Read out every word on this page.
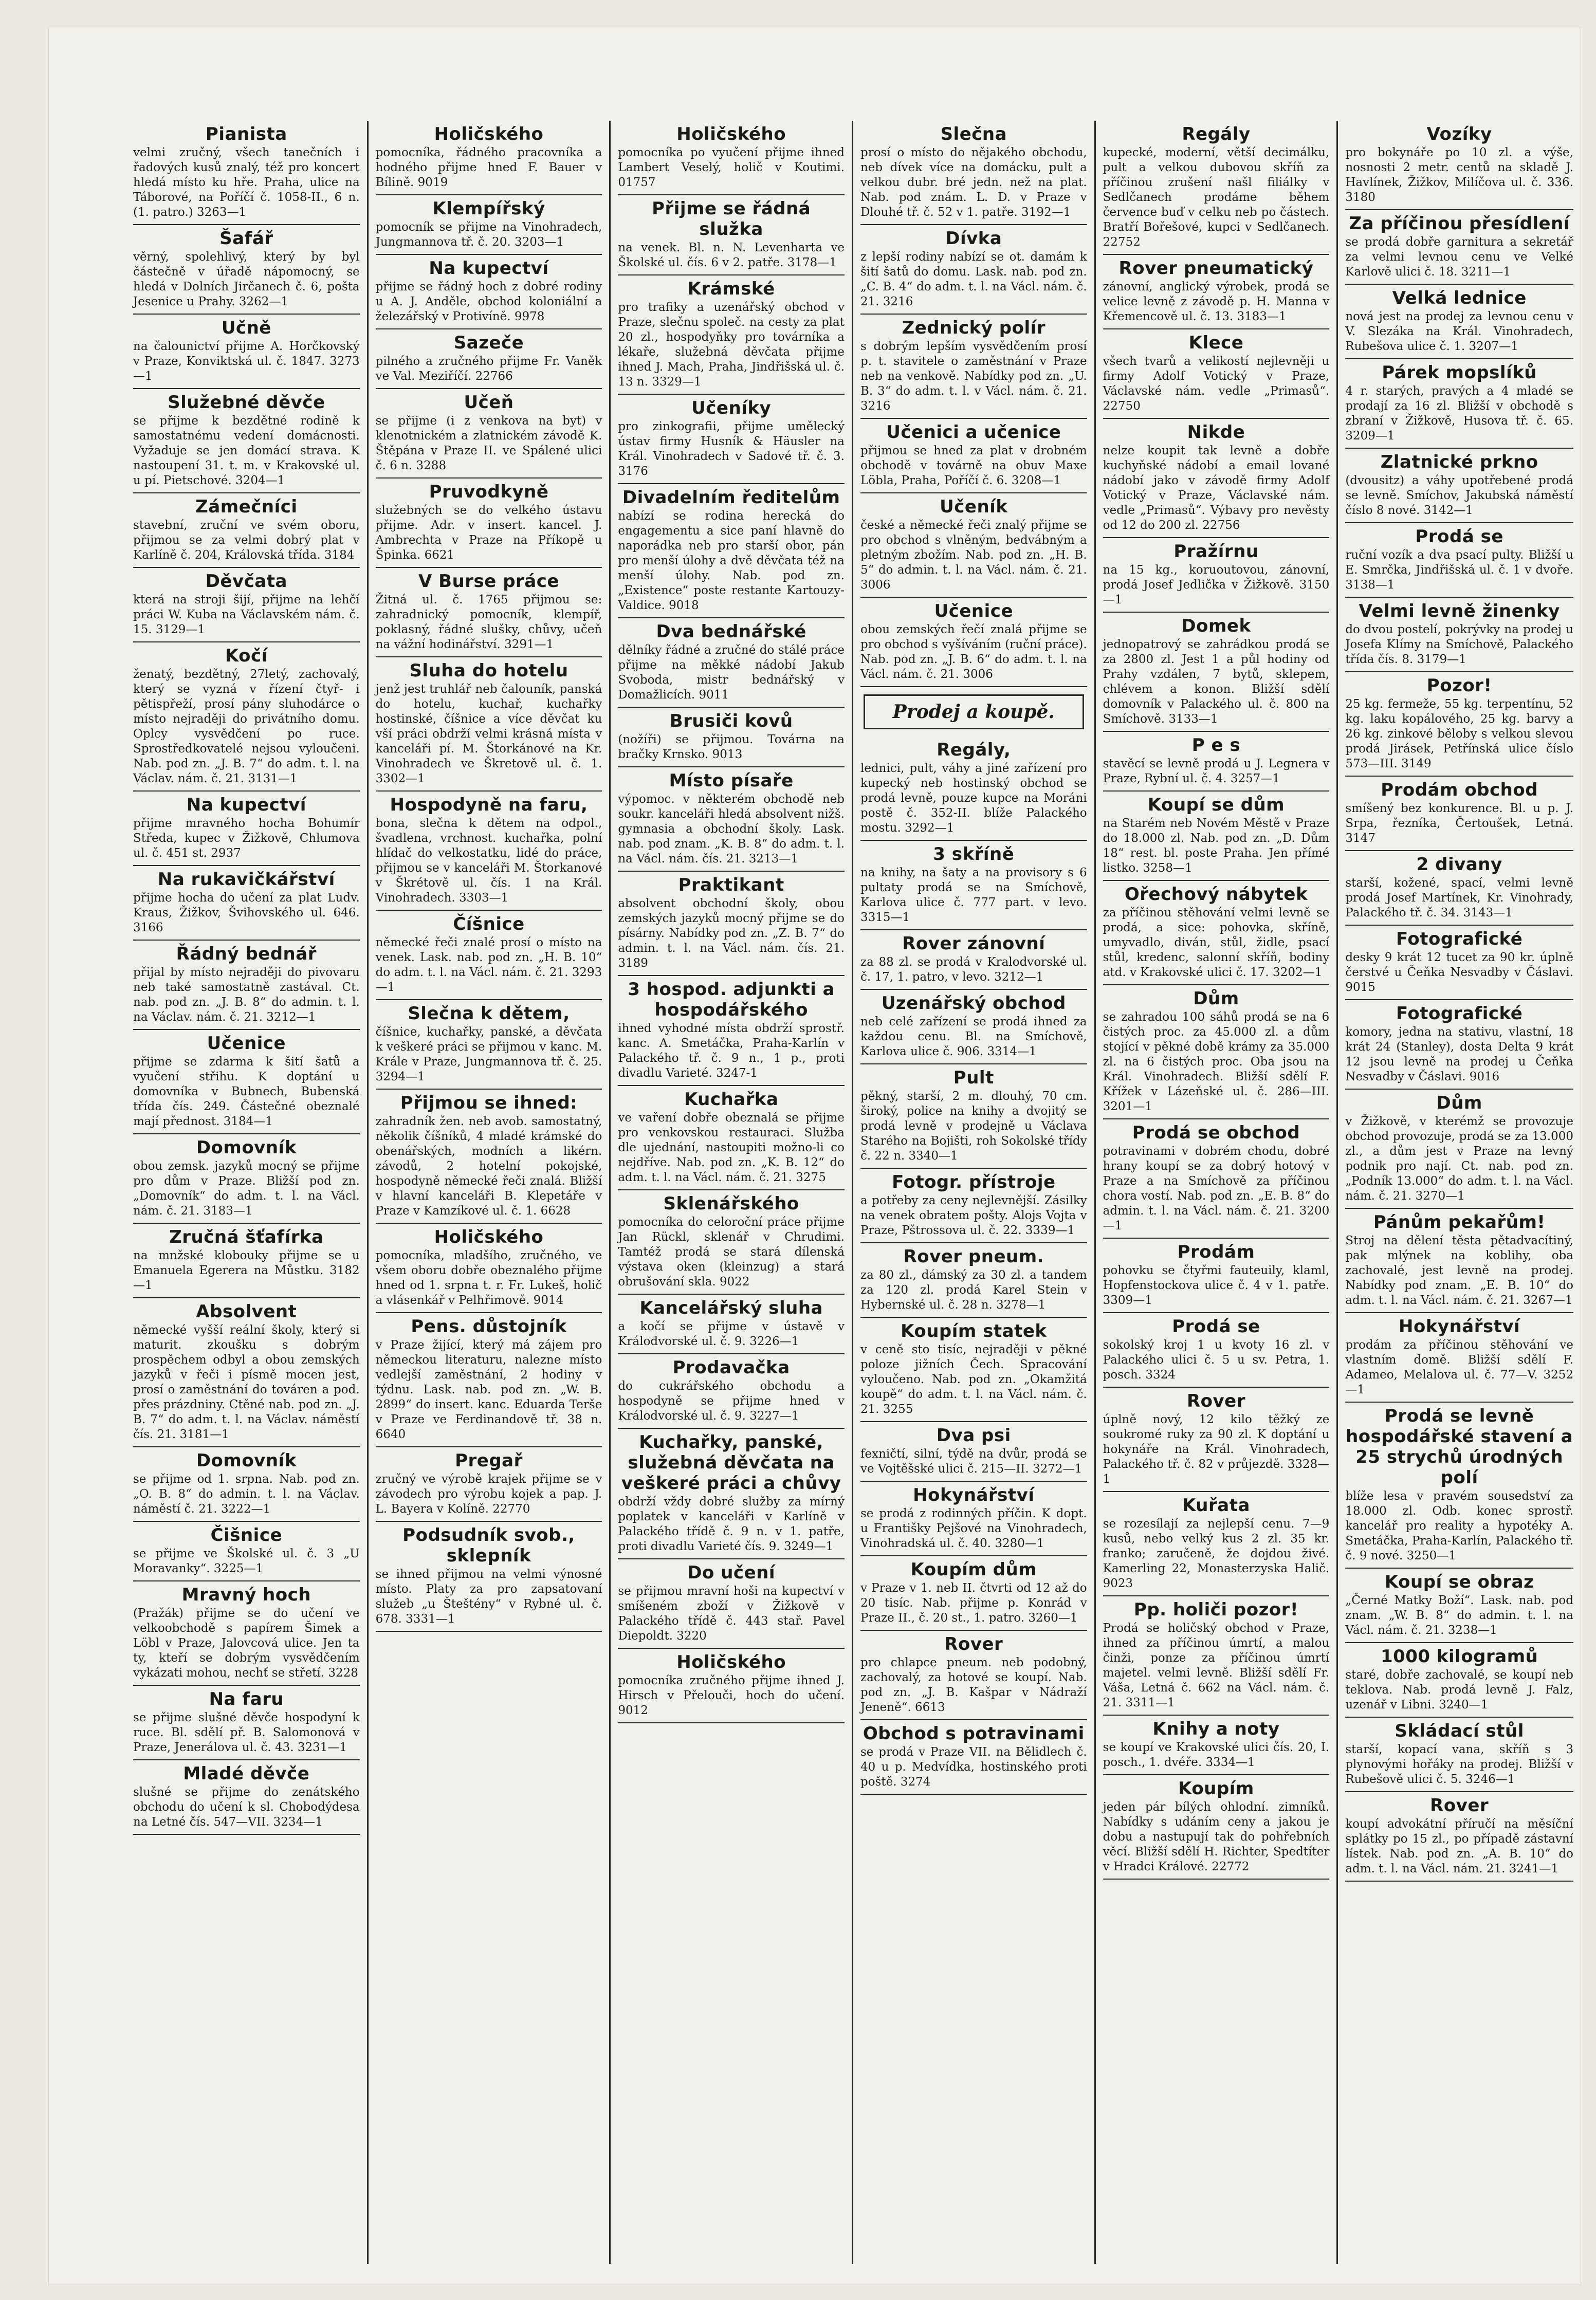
Pianista
velmi zručný, všech tanečních i řadových kusů znalý, též pro koncert hledá místo ku hře. Praha, ulice na Táborové, na Poříčí č. 1058-II., 6 n. (1. patro.) 3263—1
Šafář
věrný, spolehlivý, který by byl částečně v úřadě nápomocný, se hledá v Dolních Jirčanech č. 6, pošta Jesenice u Prahy. 3262—1
Učně
na čalounictví přijme A. Horčkovský v Praze, Konviktská ul. č. 1847. 3273—1
Služebné děvče
se přijme k bezdětné rodině k samostatnému vedení domácnosti. Vyžaduje se jen domácí strava. K nastoupení 31. t. m. v Krakovské ul. u pí. Pietschové. 3204—1
Zámečníci
stavební, zruční ve svém oboru, přijmou se za velmi dobrý plat v Karlíně č. 204, Královská třída. 3184
Děvčata
která na stroji šijí, přijme na lehčí práci W. Kuba na Václavském nám. č. 15. 3129—1
Kočí
ženatý, bezdětný, 27letý, zachovalý, který se vyzná v řízení čtyř- i pětispřeží, prosí pány sluhodárce o místo nejraději do privátního domu. Oplcy vysvědčení po ruce. Sprostředkovatelé nejsou vyloučeni. Nab. pod zn. „J. B. 7“ do adm. t. l. na Václav. nám. č. 21. 3131—1
Na kupectví
přijme mravného hocha Bohumír Středa, kupec v Žižkově, Chlumova ul. č. 451 st. 2937
Na rukavičkářství
přijme hocha do učení za plat Ludv. Kraus, Žižkov, Švihovského ul. 646. 3166
Řádný bednář
přijal by místo nejraději do pivovaru neb také samostatně zastával. Ct. nab. pod zn. „J. B. 8“ do admin. t. l. na Václav. nám. č. 21. 3212—1
Učenice
přijme se zdarma k šití šatů a vyučení střihu. K doptání u domovníka v Bubnech, Bubenská třída čís. 249. Částečné obeznalé mají přednost. 3184—1
Domovník
obou zemsk. jazyků mocný se přijme pro dům v Praze. Bližší pod zn. „Domovník“ do adm. t. l. na Václ. nám. č. 21. 3183—1
Zručná šťafírka
na mnžské klobouky přijme se u Emanuela Egerera na Můstku. 3182—1
Absolvent
německé vyšší reální školy, který si maturit. zkoušku s dobrým prospěchem odbyl a obou zemských jazyků v řeči i písmě mocen jest, prosí o zaměstnání do továren a pod. přes prázdniny. Ctěné nab. pod zn. „J. B. 7“ do adm. t. l. na Václav. náměstí čís. 21. 3181—1
Domovník
se přijme od 1. srpna. Nab. pod zn. „O. B. 8“ do admin. t. l. na Václav. náměstí č. 21. 3222—1
Čišnice
se přijme ve Školské ul. č. 3 „U Moravanky“. 3225—1
Mravný hoch
(Pražák) přijme se do učení ve velkoobchodě s papírem Šimek a Löbl v Praze, Jalovcová ulice. Jen ta ty, kteří se dobrým vysvědčením vykázati mohou, nechť se střetí. 3228
Na faru
se přijme slušné děvče hospodyní k ruce. Bl. sdělí př. B. Salomonová v Praze, Jenerálova ul. č. 43. 3231—1
Mladé děvče
slušné se přijme do zenátského obchodu do učení k sl. Chobodýdesa na Letné čís. 547—VII. 3234—1
Holičského
pomocníka, řádného pracovníka a hodného přijme hned F. Bauer v Bílině. 9019
Klempířský
pomocník se přijme na Vinohradech, Jungmannova tř. č. 20. 3203—1
Na kupectví
přijme se řádný hoch z dobré rodiny u A. J. Anděle, obchod koloniální a železářský v Protivíně. 9978
Sazeče
pilného a zručného přijme Fr. Vaněk ve Val. Meziříčí. 22766
Učeň
se přijme (i z venkova na byt) v klenotnickém a zlatnickém závodě K. Štěpána v Praze II. ve Spálené ulici č. 6 n. 3288
Pruvodkyně
služebných se do velkého ústavu přijme. Adr. v insert. kancel. J. Ambrechta v Praze na Příkopě u Špinka. 6621
V Burse práce
Žitná ul. č. 1765 přijmou se: zahradnický pomocník, klempíř, poklasný, řádné slušky, chůvy, učeň na vážní hodinářství. 3291—1
Sluha do hotelu
jenž jest truhlář neb čalouník, panská do hotelu, kuchař, kuchařky hostinské, číšnice a více děvčat ku vší práci obdrží velmi krásná místa v kanceláři pí. M. Štorkánové na Kr. Vinohradech ve Škretově ul. č. 1. 3302—1
Hospodyně na faru,
bona, slečna k dětem na odpol., švadlena, vrchnost. kuchařka, polní hlídač do velkostatku, lidé do práce, přijmou se v kanceláři M. Štorkanové v Škrétově ul. čís. 1 na Král. Vinohradech. 3303—1
Číšnice
německé řeči znalé prosí o místo na venek. Lask. nab. pod zn. „H. B. 10“ do adm. t. l. na Václ. nám. č. 21. 3293—1
Slečna k dětem,
číšnice, kuchařky, panské, a děvčata k veškeré práci se přijmou v kanc. M. Krále v Praze, Jungmannova tř. č. 25. 3294—1
Přijmou se ihned:
zahradník žen. neb avob. samostatný, několik číšníků, 4 mladé krámské do obenářských, modních a likérn. závodů, 2 hotelní pokojské, hospodyně německé řeči znalá. Bližší v hlavní kanceláři B. Klepetáře v Praze v Kamzíkové ul. č. 1. 6628
Holičského
pomocníka, mladšího, zručného, ve všem oboru dobře obeznalého přijme hned od 1. srpna t. r. Fr. Lukeš, holič a vlásenkář v Pelhřimově. 9014
Pens. důstojník
v Praze žijící, který má zájem pro německou literaturu, nalezne místo vedlejší zaměstnání, 2 hodiny v týdnu. Lask. nab. pod zn. „W. B. 2899“ do insert. kanc. Eduarda Terše v Praze ve Ferdinandově tř. 38 n. 6640
Pregař
zručný ve výrobě krajek přijme se v závodech pro výrobu kojek a pap. J. L. Bayera v Kolíně. 22770
Podsudník svob., sklepník
se ihned přijmou na velmi výnosné místo. Platy za pro zapsatovaní služeb „u Šteštény“ v Rybné ul. č. 678. 3331—1
Holičského
pomocníka po vyučení přijme ihned Lambert Veselý, holič v Koutimi. 01757
Přijme se řádná služka
na venek. Bl. n. N. Levenharta ve Školské ul. čís. 6 v 2. patře. 3178—1
Krámské
pro trafiky a uzenářský obchod v Praze, slečnu společ. na cesty za plat 20 zl., hospodyňky pro továrníka a lékaře, služebná děvčata přijme ihned J. Mach, Praha, Jindřišská ul. č. 13 n. 3329—1
Učeníky
pro zinkografii, přijme umělecký ústav firmy Husník & Häusler na Král. Vinohradech v Sadové tř. č. 3. 3176
Divadelním ředitelům
nabízí se rodina herecká do engagementu a sice paní hlavně do naporádka neb pro starší obor, pán pro menší úlohy a dvě děvčata též na menší úlohy. Nab. pod zn. „Existence“ poste restante Kartouzy-Valdice. 9018
Dva bednářské
dělníky řádné a zručné do stálé práce přijme na měkké nádobí Jakub Svoboda, mistr bednářský v Domažlicích. 9011
Brusiči kovů
(nožíři) se přijmou. Továrna na bračky Krnsko. 9013
Místo písaře
výpomoc. v některém obchodě neb soukr. kanceláři hledá absolvent nižš. gymnasia a obchodní školy. Lask. nab. pod znam. „K. B. 8“ do adm. t. l. na Václ. nám. čís. 21. 3213—1
Praktikant
absolvent obchodní školy, obou zemských jazyků mocný přijme se do písárny. Nabídky pod zn. „Z. B. 7“ do admin. t. l. na Václ. nám. čís. 21. 3189
3 hospod. adjunkti a hospodářského
ihned vyhodné místa obdrží sprostř. kanc. A. Smetáčka, Praha-Karlín v Palackého tř. č. 9 n., 1 p., proti divadlu Varieté. 3247-1
Kuchařka
ve vaření dobře obeznalá se přijme pro venkovskou restauraci. Služba dle ujednání, nastoupiti možno-li co nejdříve. Nab. pod zn. „K. B. 12“ do adm. t. l. na Václ. nám. č. 21. 3275
Sklenářského
pomocníka do celoroční práce přijme Jan Rückl, sklenář v Chrudimi. Tamtéž prodá se stará dílenská výstava oken (kleinzug) a stará obrušování skla. 9022
Kancelářský sluha
a kočí se přijme v ústavě v Králodvorské ul. č. 9. 3226—1
Prodavačka
do cukrářského obchodu a hospodyně se přijme hned v Králodvorské ul. č. 9. 3227—1
Kuchařky, panské, služebná děvčata na veškeré práci a chůvy
obdrží vždy dobré služby za mírný poplatek v kanceláři v Karlíně v Palackého třídě č. 9 n. v 1. patře, proti divadlu Varieté čís. 9. 3249—1
Do učení
se přijmou mravní hoši na kupectví v smíšeném zboží v Žižkově v Palackého třídě č. 443 stař. Pavel Diepoldt. 3220
Holičského
pomocníka zručného přijme ihned J. Hirsch v Přelouči, hoch do učení. 9012
Slečna
prosí o místo do nějakého obchodu, neb dívek více na domácku, pult a velkou dubr. bré jedn. než na plat. Nab. pod znám. L. D. v Praze v Dlouhé tř. č. 52 v 1. patře. 3192—1
Dívka
z lepší rodiny nabízí se ot. damám k šití šatů do domu. Lask. nab. pod zn. „C. B. 4“ do adm. t. l. na Václ. nám. č. 21. 3216
Zednický polír
s dobrým lepším vysvědčením prosí p. t. stavitele o zaměstnání v Praze neb na venkově. Nabídky pod zn. „U. B. 3“ do adm. t. l. v Václ. nám. č. 21. 3216
Učenici a učenice
přijmou se hned za plat v drobném obchodě v továrně na obuv Maxe Löbla, Praha, Poříčí č. 6. 3208—1
Učeník
české a německé řeči znalý přijme se pro obchod s vlněným, bedvábným a pletným zbožím. Nab. pod zn. „H. B. 5“ do admin. t. l. na Václ. nám. č. 21. 3006
Učenice
obou zemských řečí znalá přijme se pro obchod s vyšíváním (ruční práce). Nab. pod zn. „J. B. 6“ do adm. t. l. na Václ. nám. č. 21. 3006
Prodej a koupě.
Regály,
lednici, pult, váhy a jiné zařízení pro kupecký neb hostinský obchod se prodá levně, pouze kupce na Moráni postě č. 352-II. blíže Palackého mostu. 3292—1
3 skříně
na knihy, na šaty a na provisory s 6 pultaty prodá se na Smíchově, Karlova ulice č. 777 part. v levo. 3315—1
Rover zánovní
za 88 zl. se prodá v Kralodvorské ul. č. 17, 1. patro, v levo. 3212—1
Uzenářský obchod
neb celé zařízení se prodá ihned za každou cenu. Bl. na Smíchově, Karlova ulice č. 906. 3314—1
Pult
pěkný, starší, 2 m. dlouhý, 70 cm. široký, police na knihy a dvojitý se prodá levně v prodejně u Václava Starého na Bojišti, roh Sokolské třídy č. 22 n. 3340—1
Fotogr. přístroje
a potřeby za ceny nejlevnější. Zásilky na venek obratem pošty. Alojs Vojta v Praze, Pštrossova ul. č. 22. 3339—1
Rover pneum.
za 80 zl., dámský za 30 zl. a tandem za 120 zl. prodá Karel Stein v Hybernské ul. č. 28 n. 3278—1
Koupím statek
v ceně sto tisíc, nejraději v pěkné poloze jižních Čech. Spracování vyloučeno. Nab. pod zn. „Okamžitá koupě“ do adm. t. l. na Václ. nám. č. 21. 3255
Dva psi
fexničtí, silní, týdě na dvůr, prodá se ve Vojtěšské ulici č. 215—II. 3272—1
Hokynářství
se prodá z rodinných příčin. K dopt. u Františky Pejšové na Vinohradech, Vinohradská ul. č. 40. 3280—1
Koupím dům
v Praze v 1. neb II. čtvrti od 12 až do 20 tisíc. Nab. přijme p. Konrád v Praze II., č. 20 st., 1. patro. 3260—1
Rover
pro chlapce pneum. neb podobný, zachovalý, za hotové se koupí. Nab. pod zn. „J. B. Kašpar v Nádraží Jeneně“. 6613
Obchod s potravinami
se prodá v Praze VII. na Bělidlech č. 40 u p. Medvídka, hostinského proti poště. 3274
Regály
kupecké, moderní, větší decimálku, pult a velkou dubovou skříň za příčinou zrušení našl filiálky v Sedlčanech prodáme během července buď v celku neb po částech. Bratří Bořešové, kupci v Sedlčanech. 22752
Rover pneumatický
zánovní, anglický výrobek, prodá se velice levně z závodě p. H. Manna v Křemencově ul. č. 13. 3183—1
Klece
všech tvarů a velikostí nejlevněji u firmy Adolf Votický v Praze, Václavské nám. vedle „Primasů“. 22750
Nikde
nelze koupit tak levně a dobře kuchyňské nádobí a email lované nádobí jako v závodě firmy Adolf Votický v Praze, Václavské nám. vedle „Primasů“. Výbavy pro nevěsty od 12 do 200 zl. 22756
Pražírnu
na 15 kg., koruoutovou, zánovní, prodá Josef Jedlička v Žižkově. 3150—1
Domek
jednopatrový se zahrádkou prodá se za 2800 zl. Jest 1 a půl hodiny od Prahy vzdálen, 7 bytů, sklepem, chlévem a konon. Bližší sdělí domovník v Palackého ul. č. 800 na Smíchově. 3133—1
P e s
stavěcí se levně prodá u J. Legnera v Praze, Rybní ul. č. 4. 3257—1
Koupí se dům
na Starém neb Novém Městě v Praze do 18.000 zl. Nab. pod zn. „D. Dům 18“ rest. bl. poste Praha. Jen přímé listko. 3258—1
Ořechový nábytek
za příčinou stěhování velmi levně se prodá, a sice: pohovka, skříně, umyvadlo, diván, stůl, židle, psací stůl, kredenc, salonní skříň, bodiny atd. v Krakovské ulici č. 17. 3202—1
Dům
se zahradou 100 sáhů prodá se na 6 čistých proc. za 45.000 zl. a dům stojící v pěkné době krámy za 35.000 zl. na 6 čistých proc. Oba jsou na Král. Vinohradech. Bližší sdělí F. Křížek v Lázeňské ul. č. 286—III. 3201—1
Prodá se obchod
potravinami v dobrém chodu, dobré hrany koupí se za dobrý hotový v Praze a na Smíchově za příčinou chora vostí. Nab. pod zn. „E. B. 8“ do admin. t. l. na Václ. nám. č. 21. 3200—1
Prodám
pohovku se čtyřmi fauteuily, klaml, Hopfenstockova ulice č. 4 v 1. patře. 3309—1
Prodá se
sokolský kroj 1 u kvoty 16 zl. v Palackého ulici č. 5 u sv. Petra, 1. posch. 3324
Rover
úplně nový, 12 kilo těžký ze soukromé ruky za 90 zl. K doptání u hokynáře na Král. Vinohradech, Palackého tř. č. 82 v průjezdě. 3328—1
Kuřata
se rozesílají za nejlepší cenu. 7—9 kusů, nebo velký kus 2 zl. 35 kr. franko; zaručeně, že dojdou živé. Kamerling 22, Monasterzyska Halič. 9023
Pp. holiči pozor!
Prodá se holičský obchod v Praze, ihned za příčinou úmrtí, a malou činži, ponze za příčinou úmrtí majetel. velmi levně. Bližší sdělí Fr. Váša, Letná č. 662 na Václ. nám. č. 21. 3311—1
Knihy a noty
se koupí ve Krakovské ulici čís. 20, I. posch., 1. dvéře. 3334—1
Koupím
jeden pár bílých ohlodní. zimníků. Nabídky s udáním ceny a jakou je dobu a nastupují tak do pohřebních věcí. Bližší sdělí H. Richter, Spedtíter v Hradci Králové. 22772
Vozíky
pro bokynáře po 10 zl. a výše, nosnosti 2 metr. centů na skladě J. Havlínek, Žižkov, Milíčova ul. č. 336. 3180
Za příčinou přesídlení
se prodá dobře garnitura a sekretář za velmi levnou cenu ve Velké Karlově ulici č. 18. 3211—1
Velká lednice
nová jest na prodej za levnou cenu v V. Slezáka na Král. Vinohradech, Rubešova ulice č. 1. 3207—1
Párek mopslíků
4 r. starých, pravých a 4 mladé se prodají za 16 zl. Bližší v obchodě s zbraní v Žižkově, Husova tř. č. 65. 3209—1
Zlatnické prkno
(dvousitz) a váhy upotřebené prodá se levně. Smíchov, Jakubská náměstí číslo 8 nové. 3142—1
Prodá se
ruční vozík a dva psací pulty. Bližší u E. Smrčka, Jindřišská ul. č. 1 v dvoře. 3138—1
Velmi levně žinenky
do dvou postelí, pokrývky na prodej u Josefa Klímy na Smíchově, Palackého třída čís. 8. 3179—1
Pozor!
25 kg. fermeže, 55 kg. terpentínu, 52 kg. laku kopálového, 25 kg. barvy a 26 kg. zinkové běloby s velkou slevou prodá Jirásek, Petřínská ulice číslo 573—III. 3149
Prodám obchod
smíšený bez konkurence. Bl. u p. J. Srpa, řezníka, Čertoušek, Letná. 3147
2 divany
starší, kožené, spací, velmi levně prodá Josef Martínek, Kr. Vinohrady, Palackého tř. č. 34. 3143—1
Fotografické
desky 9 krát 12 tucet za 90 kr. úplně čerstvé u Čeňka Nesvadby v Čáslavi. 9015
Fotografické
komory, jedna na stativu, vlastní, 18 krát 24 (Stanley), dosta Delta 9 krát 12 jsou levně na prodej u Čeňka Nesvadby v Čáslavi. 9016
Dům
v Žižkově, v kterémž se provozuje obchod provozuje, prodá se za 13.000 zl., a dům jest v Praze na levný podnik pro nají. Ct. nab. pod zn. „Podník 13.000“ do adm. t. l. na Václ. nám. č. 21. 3270—1
Pánům pekařům!
Stroj na dělení těsta pětadvacítiný, pak mlýnek na koblihy, oba zachovalé, jest levně na prodej. Nabídky pod znam. „E. B. 10“ do adm. t. l. na Václ. nám. č. 21. 3267—1
Hokynářství
prodám za příčinou stěhování ve vlastním domě. Bližší sdělí F. Adameo, Melalova ul. č. 77—V. 3252—1
Prodá se levně hospodářské stavení a 25 strychů úrodných polí
blíže lesa v pravém sousedství za 18.000 zl. Odb. konec sprostř. kancelář pro reality a hypotéky A. Smetáčka, Praha-Karlín, Palackého tř. č. 9 nové. 3250—1
Koupí se obraz
„Černé Matky Boží“. Lask. nab. pod znam. „W. B. 8“ do admin. t. l. na Václ. nám. č. 21. 3238—1
1000 kilogramů
staré, dobře zachovalé, se koupí neb teklova. Nab. prodá levně J. Falz, uzenář v Libni. 3240—1
Skládací stůl
starší, kopací vana, skříň s 3 plynovými hořáky na prodej. Bližší v Rubešově ulici č. 5. 3246—1
Rover
koupí advokátní příručí na měsíční splátky po 15 zl., po případě zástavní lístek. Nab. pod zn. „A. B. 10“ do adm. t. l. na Václ. nám. 21. 3241—1
